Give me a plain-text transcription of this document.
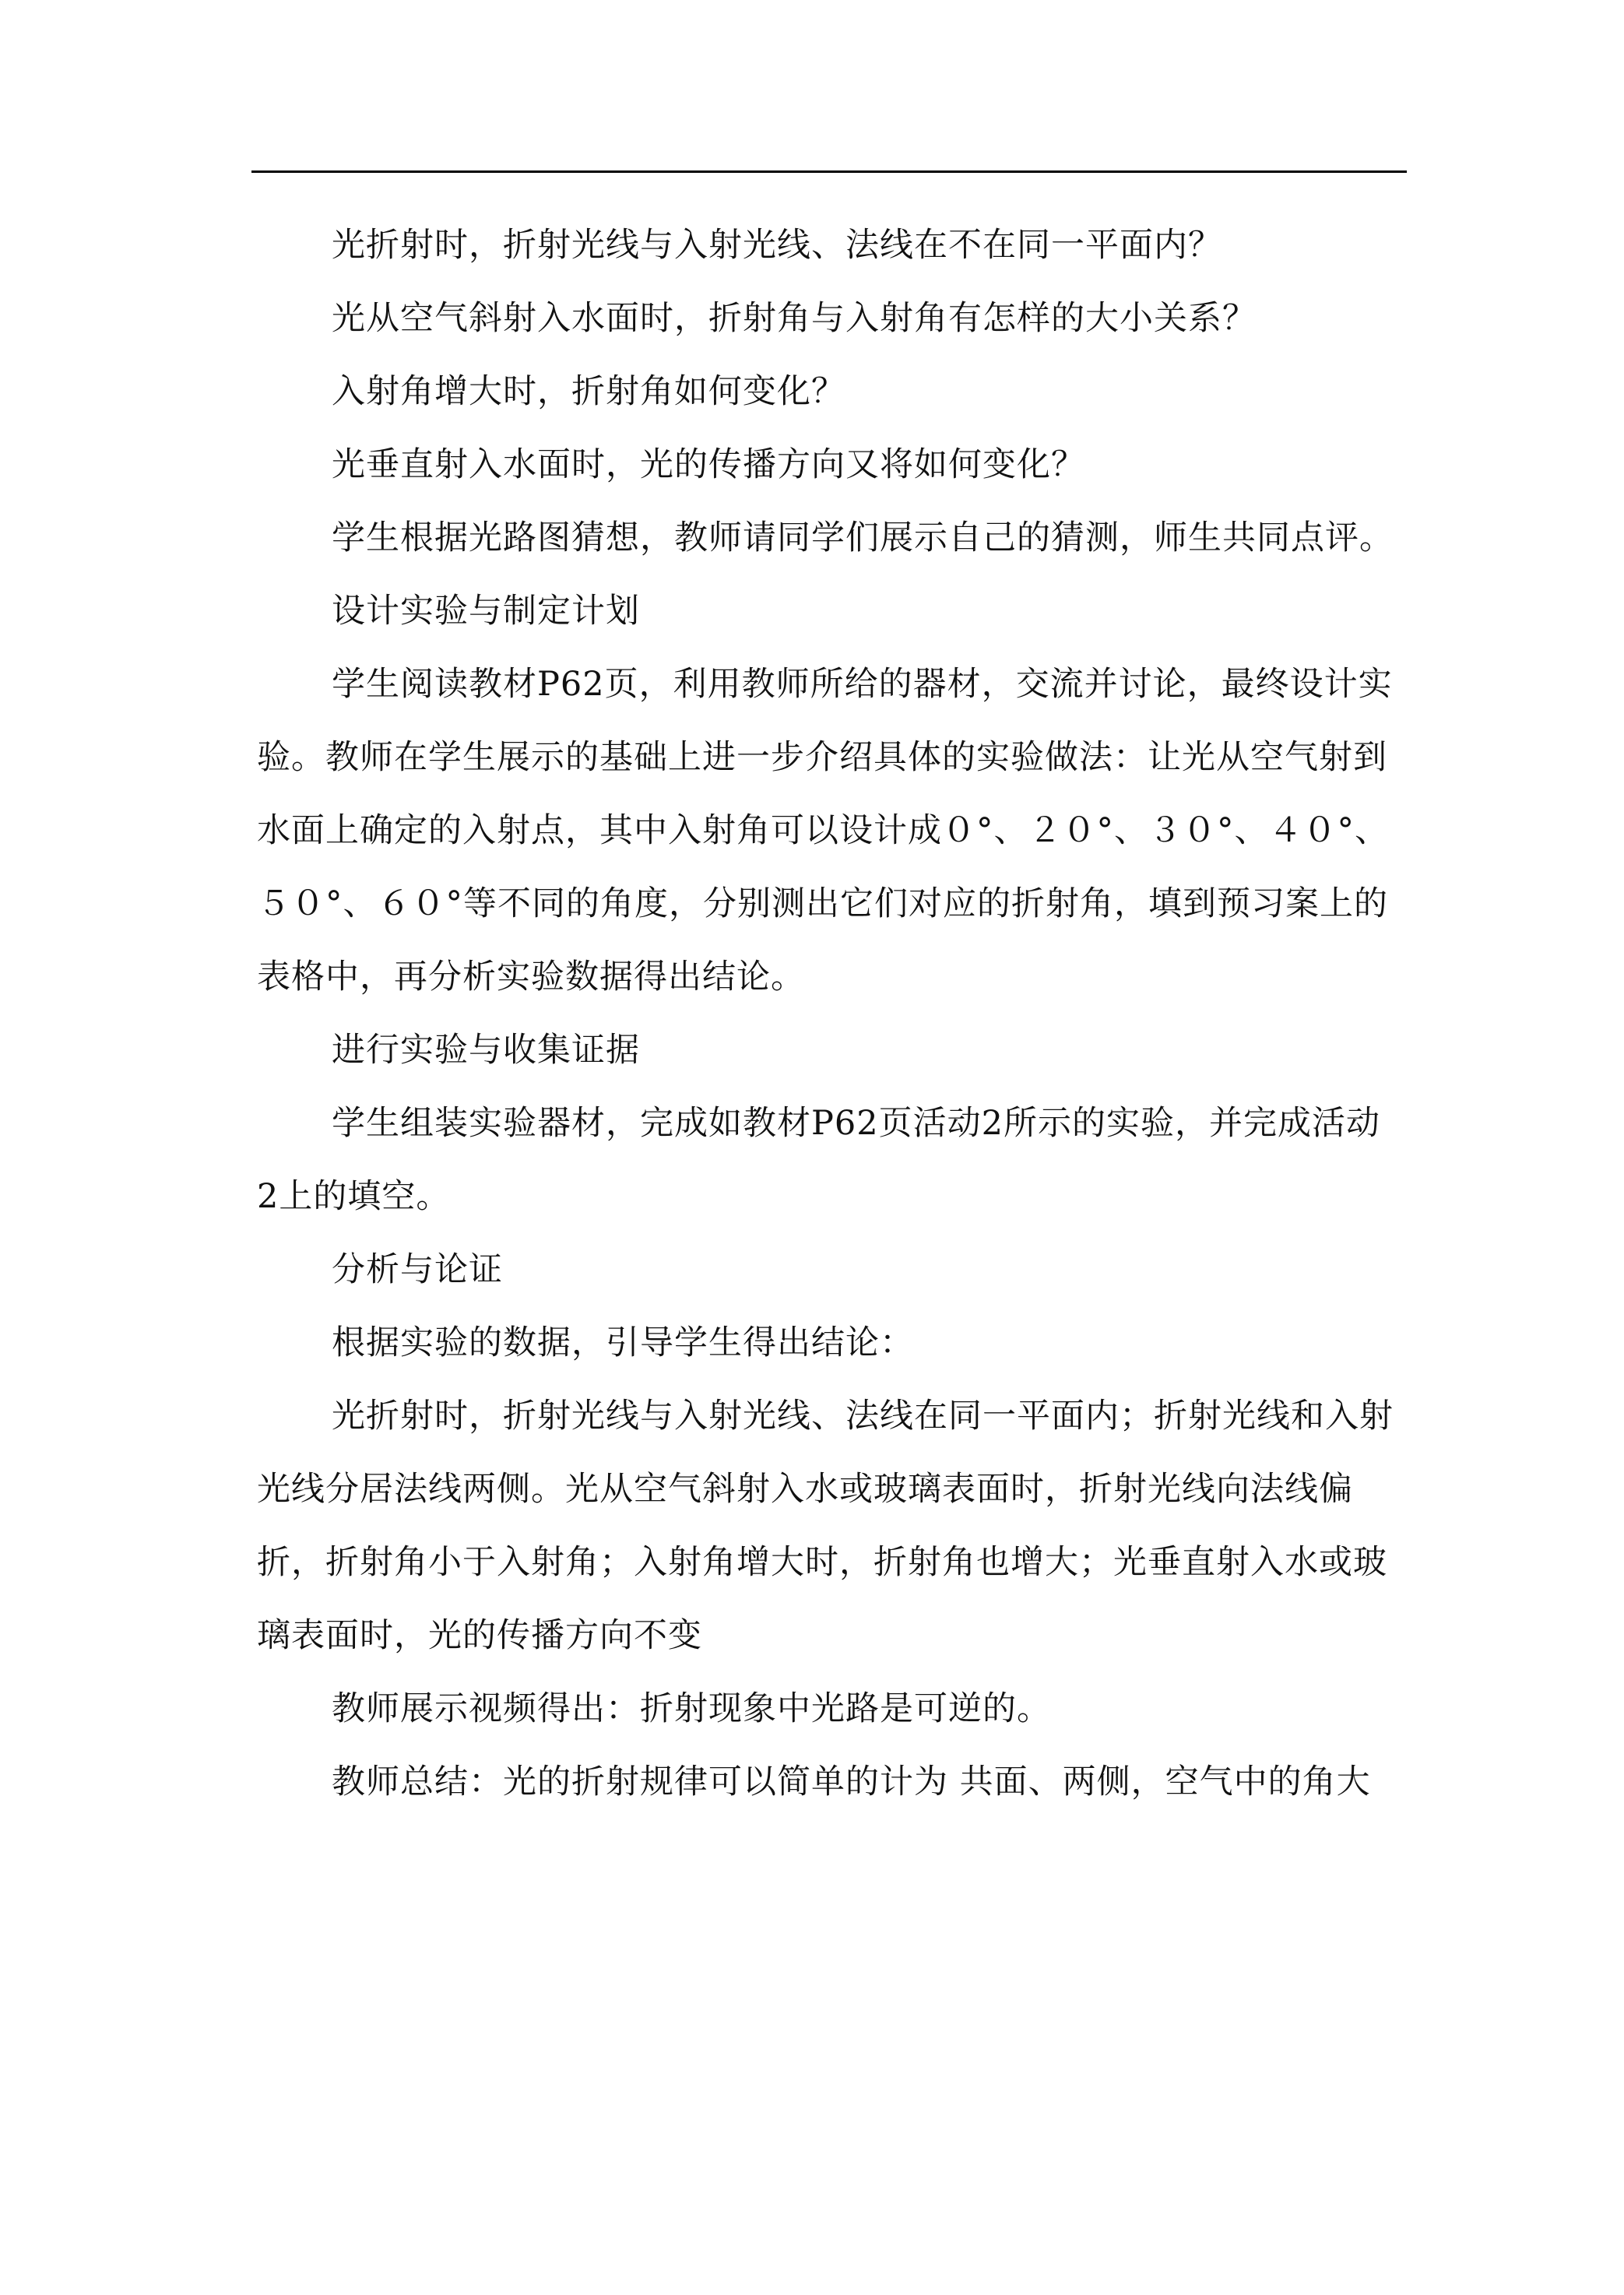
光折射时，折射光线与入射光线、法线在不在同一平面内？

光从空气斜射入水面时，折射角与入射角有怎样的大小关系？

入射角增大时，折射角如何变化？

光垂直射入水面时，光的传播方向又将如何变化？

学生根据光路图猜想，教师请同学们展示自己的猜测，师生共同点评。

设计实验与制定计划

学生阅读教材P62页，利用教师所给的器材，交流并讨论，最终设计实验。教师在学生展示的基础上进一步介绍具体的实验做法：让光从空气射到水面上确定的入射点，其中入射角可以设计成０°、２０°、３０°、４０°、５０°、６０°等不同的角度，分别测出它们对应的折射角，填到预习案上的表格中，再分析实验数据得出结论。

进行实验与收集证据

学生组装实验器材，完成如教材P62页活动2所示的实验，并完成活动2上的填空。

分析与论证

根据实验的数据，引导学生得出结论：

光折射时，折射光线与入射光线、法线在同一平面内；折射光线和入射光线分居法线两侧。光从空气斜射入水或玻璃表面时，折射光线向法线偏折，折射角小于入射角；入射角增大时，折射角也增大；光垂直射入水或玻璃表面时，光的传播方向不变

教师展示视频得出：折射现象中光路是可逆的。

教师总结：光的折射规律可以简单的计为 共面、两侧，空气中的角大
